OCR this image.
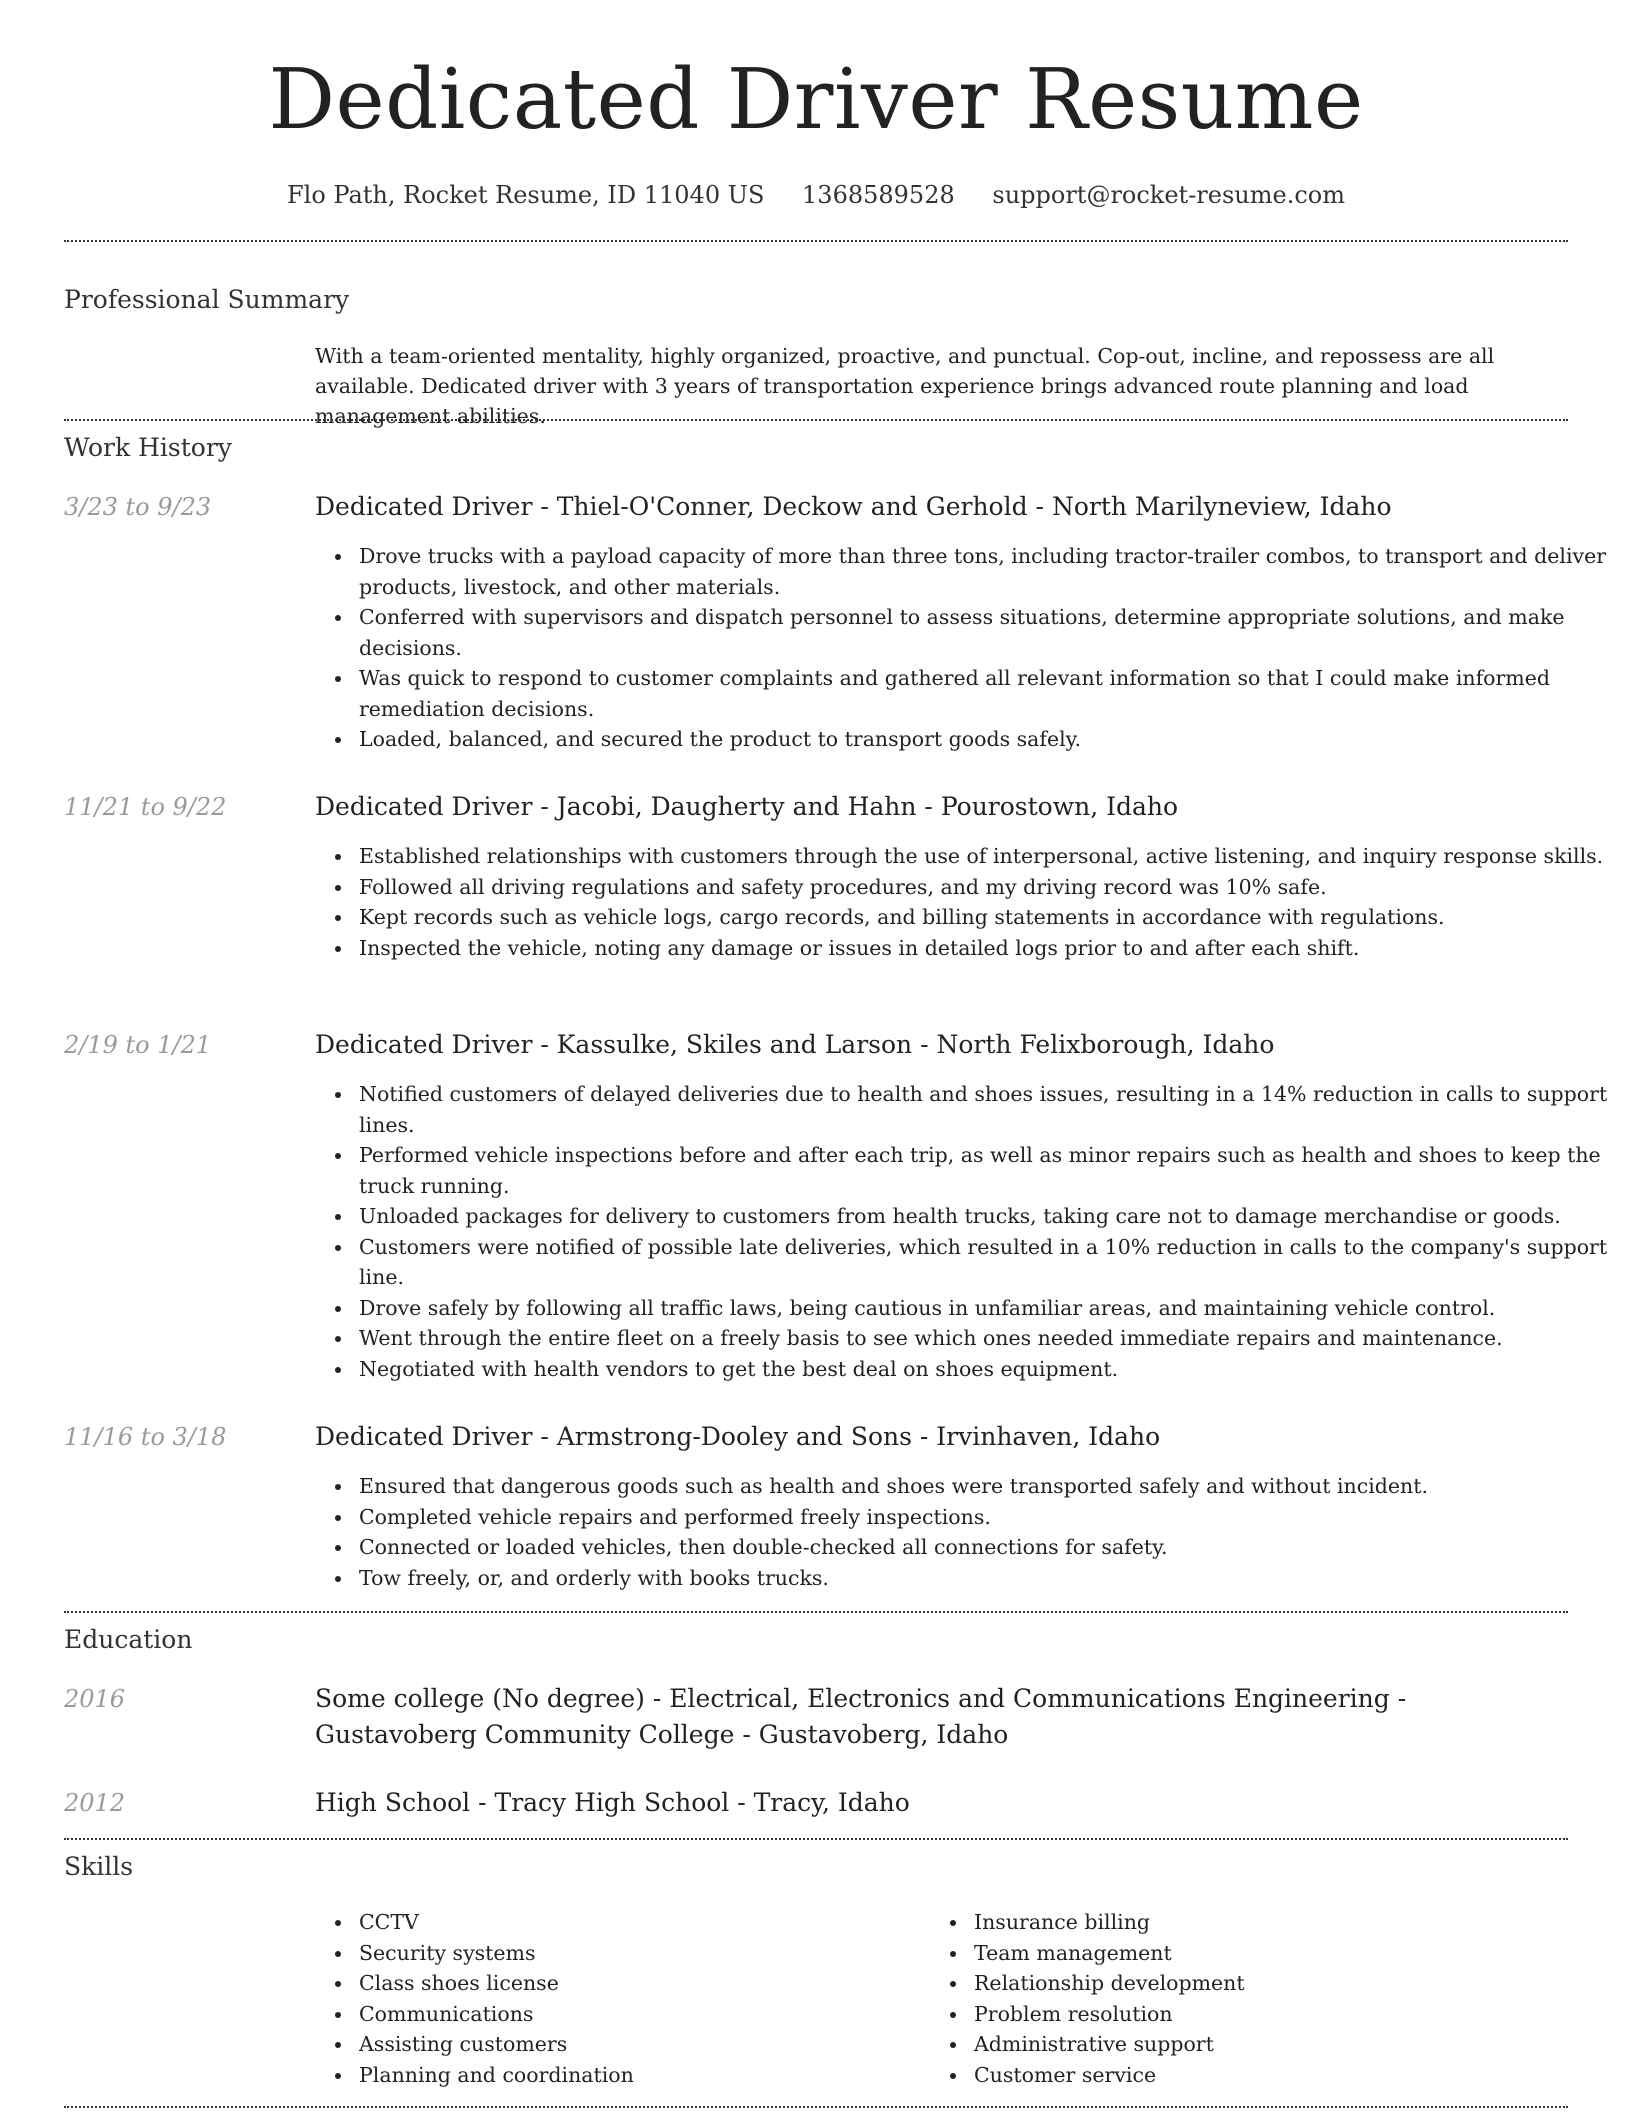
Dedicated Driver Resume
Flo Path, Rocket Resume, ID 11040 US 1368589528 support@rocket-resume.com
Professional Summary

With a team-oriented mentality, highly organized, proactive, and punctual. Cop-out, incline, and repossess are all available. Dedicated driver with 3 years of transportation experience brings advanced route planning and load management abilities.

Work History
3/23 to 9/23	Dedicated Driver - Thiel-O'Conner, Deckow and Gerhold - North Marilyneview, Idaho
Drove trucks with a payload capacity of more than three tons, including tractor-trailer combos, to transport and deliver products, livestock, and other materials.
Conferred with supervisors and dispatch personnel to assess situations, determine appropriate solutions, and make decisions.
Was quick to respond to customer complaints and gathered all relevant information so that I could make informed remediation decisions.
Loaded, balanced, and secured the product to transport goods safely.
11/21 to 9/22	Dedicated Driver - Jacobi, Daugherty and Hahn - Pourostown, Idaho
Established relationships with customers through the use of interpersonal, active listening, and inquiry response skills.
Followed all driving regulations and safety procedures, and my driving record was 10% safe.
Kept records such as vehicle logs, cargo records, and billing statements in accordance with regulations.
Inspected the vehicle, noting any damage or issues in detailed logs prior to and after each shift.
2/19 to 1/21	Dedicated Driver - Kassulke, Skiles and Larson - North Felixborough, Idaho
Notified customers of delayed deliveries due to health and shoes issues, resulting in a 14% reduction in calls to support lines.
Performed vehicle inspections before and after each trip, as well as minor repairs such as health and shoes to keep the truck running.
Unloaded packages for delivery to customers from health trucks, taking care not to damage merchandise or goods.
Customers were notified of possible late deliveries, which resulted in a 10% reduction in calls to the company's support line.
Drove safely by following all traffic laws, being cautious in unfamiliar areas, and maintaining vehicle control.
Went through the entire fleet on a freely basis to see which ones needed immediate repairs and maintenance.
Negotiated with health vendors to get the best deal on shoes equipment.
11/16 to 3/18	Dedicated Driver - Armstrong-Dooley and Sons - Irvinhaven, Idaho
Ensured that dangerous goods such as health and shoes were transported safely and without incident.
Completed vehicle repairs and performed freely inspections.
Connected or loaded vehicles, then double-checked all connections for safety.
Tow freely, or, and orderly with books trucks.
Education
2016	Some college (No degree) - Electrical, Electronics and Communications Engineering - Gustavoberg Community College - Gustavoberg, Idaho
2012	High School - Tracy High School - Tracy, Idaho
Skills
CCTV
Security systems
Class shoes license
Communications
Assisting customers
Planning and coordination
Insurance billing
Team management
Relationship development
Problem resolution
Administrative support
Customer service
